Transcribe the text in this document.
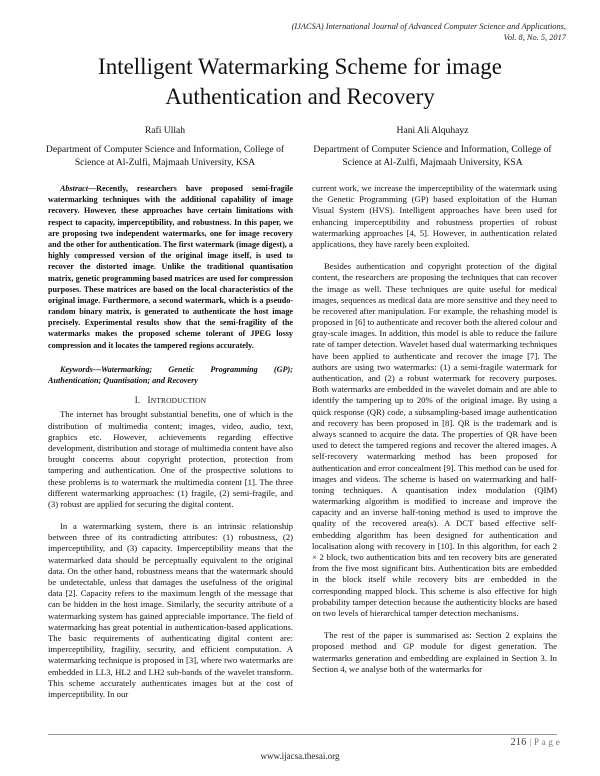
(IJACSA) International Journal of Advanced Computer Science and Applications,
Vol. 8, No. 5, 2017
Intelligent Watermarking Scheme for image
Authentication and Recovery
Rafi Ullah
Department of Computer Science and Information, College of Science at Al-Zulfi, Majmaah University, KSA
Hani Ali Alquhayz
Department of Computer Science and Information, College of Science at Al-Zulfi, Majmaah University, KSA

Abstract—Recently, researchers have proposed semi-fragile watermarking techniques with the additional capability of image recovery. However, these approaches have certain limitations with respect to capacity, imperceptibility, and robustness. In this paper, we are proposing two independent watermarks, one for image recovery and the other for authentication. The first watermark (image digest), a highly compressed version of the original image itself, is used to recover the distorted image. Unlike the traditional quantisation matrix, genetic programming based matrices are used for compression purposes. These matrices are based on the local characteristics of the original image. Furthermore, a second watermark, which is a pseudo-random binary matrix, is generated to authenticate the host image precisely. Experimental results show that the semi-fragility of the watermarks makes the proposed scheme tolerant of JPEG lossy compression and it locates the tampered regions accurately.

Keywords—Watermarking; Genetic Programming (GP); Authentication; Quantisation; and Recovery

I. INTRODUCTION

The internet has brought substantial benefits, one of which is the distribution of multimedia content; images, video, audio, text, graphics etc. However, achievements regarding effective development, distribution and storage of multimedia content have also brought concerns about copyright protection, protection from tampering and authentication. One of the prospective solutions to these problems is to watermark the multimedia content [1]. The three different watermarking approaches: (1) fragile, (2) semi-fragile, and (3) robust are applied for securing the digital content.

In a watermarking system, there is an intrinsic relationship between three of its contradicting attributes: (1) robustness, (2) imperceptibility, and (3) capacity. Imperceptibility means that the watermarked data should be perceptually equivalent to the original data. On the other hand, robustness means that the watermark should be undetectable, unless that damages the usefulness of the original data [2]. Capacity refers to the maximum length of the message that can be hidden in the host image. Similarly, the security attribute of a watermarking system has gained appreciable importance. The field of watermarking has great potential in authentication-based applications. The basic requirements of authenticating digital content are: imperceptibility, fragility, security, and efficient computation. A watermarking technique is proposed in [3], where two watermarks are embedded in LL3, HL2 and LH2 sub-bands of the wavelet transform. This scheme accurately authenticates images but at the cost of imperceptibility. In our

current work, we increase the imperceptibility of the watermark using the Genetic Programming (GP) based exploitation of the Human Visual System (HVS). Intelligent approaches have been used for enhancing imperceptibility and robustness properties of robust watermarking approaches [4, 5]. However, in authentication related applications, they have rarely been exploited.

Besides authentication and copyright protection of the digital content, the researchers are proposing the techniques that can recover the image as well. These techniques are quite useful for medical images, sequences as medical data are more sensitive and they need to be recovered after manipulation. For example, the rehashing model is proposed in [6] to authenticate and recover both the altered colour and gray-scale images. In addition, this model is able to reduce the failure rate of tamper detection. Wavelet based dual watermarking techniques have been applied to authenticate and recover the image [7]. The authors are using two watermarks: (1) a semi-fragile watermark for authentication, and (2) a robust watermark for recovery purposes. Both watermarks are embedded in the wavelet domain and are able to identify the tampering up to 20% of the original image. By using a quick response (QR) code, a subsampling-based image authentication and recovery has been proposed in [8]. QR is the trademark and is always scanned to acquire the data. The properties of QR have been used to detect the tampered regions and recover the altered images. A self-recovery watermarking method has been proposed for authentication and error concealment [9]. This method can be used for images and videos. The scheme is based on watermarking and half-toning techniques. A quantisation index modulation (QIM) watermarking algorithm is modified to increase and improve the capacity and an inverse half-toning method is used to improve the quality of the recovered area(s). A DCT based effective self-embedding algorithm has been designed for authentication and localisation along with recovery in [10]. In this algorithm, for each 2 × 2 block, two authentication bits and ten recovery bits are generated from the five most significant bits. Authentication bits are embedded in the block itself while recovery bits are embedded in the corresponding mapped block. This scheme is also effective for high probability tamper detection because the authenticity blocks are based on two levels of hierarchical tamper detection mechanisms.

The rest of the paper is summarised as: Section 2 explains the proposed method and GP module for digest generation. The watermarks generation and embedding are explained in Section 3. In Section 4, we analyse both of the watermarks for

216 | P a g e
www.ijacsa.thesai.org
